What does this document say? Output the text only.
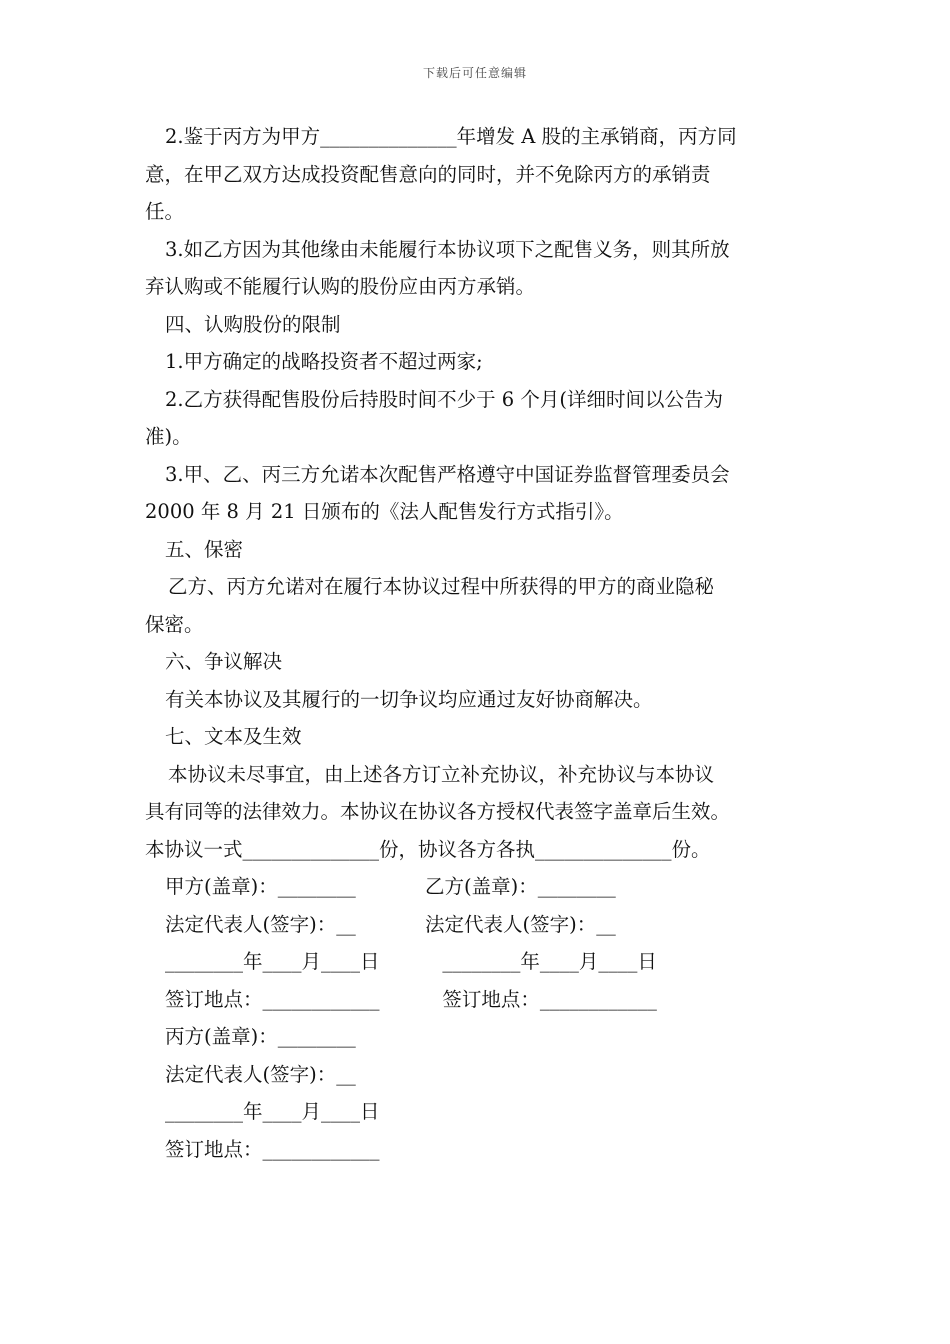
下载后可任意编辑

2.鉴于丙方为甲方______________年增发 A 股的主承销商，丙方同

意，在甲乙双方达成投资配售意向的同时，并不免除丙方的承销责

任。

3.如乙方因为其他缘由未能履行本协议项下之配售义务，则其所放

弃认购或不能履行认购的股份应由丙方承销。

四、认购股份的限制

1.甲方确定的战略投资者不超过两家;

2.乙方获得配售股份后持股时间不少于 6 个月(详细时间以公告为

准)。

3.甲、乙、丙三方允诺本次配售严格遵守中国证券监督管理委员会

2000 年 8 月 21 日颁布的《法人配售发行方式指引》。

五、保密

乙方、丙方允诺对在履行本协议过程中所获得的甲方的商业隐秘

保密。

六、争议解决

有关本协议及其履行的一切争议均应通过友好协商解决。

七、文本及生效

本协议未尽事宜，由上述各方订立补充协议，补充协议与本协议

具有同等的法律效力。本协议在协议各方授权代表签字盖章后生效。

本协议一式______________份，协议各方各执______________份。

甲方(盖章)：________	乙方(盖章)：________
法定代表人(签字)：__	法定代表人(签字)：__
________年____月____日	________年____月____日
签订地点：____________	签订地点：____________

丙方(盖章)：________

法定代表人(签字)：__

________年____月____日

签订地点：____________
